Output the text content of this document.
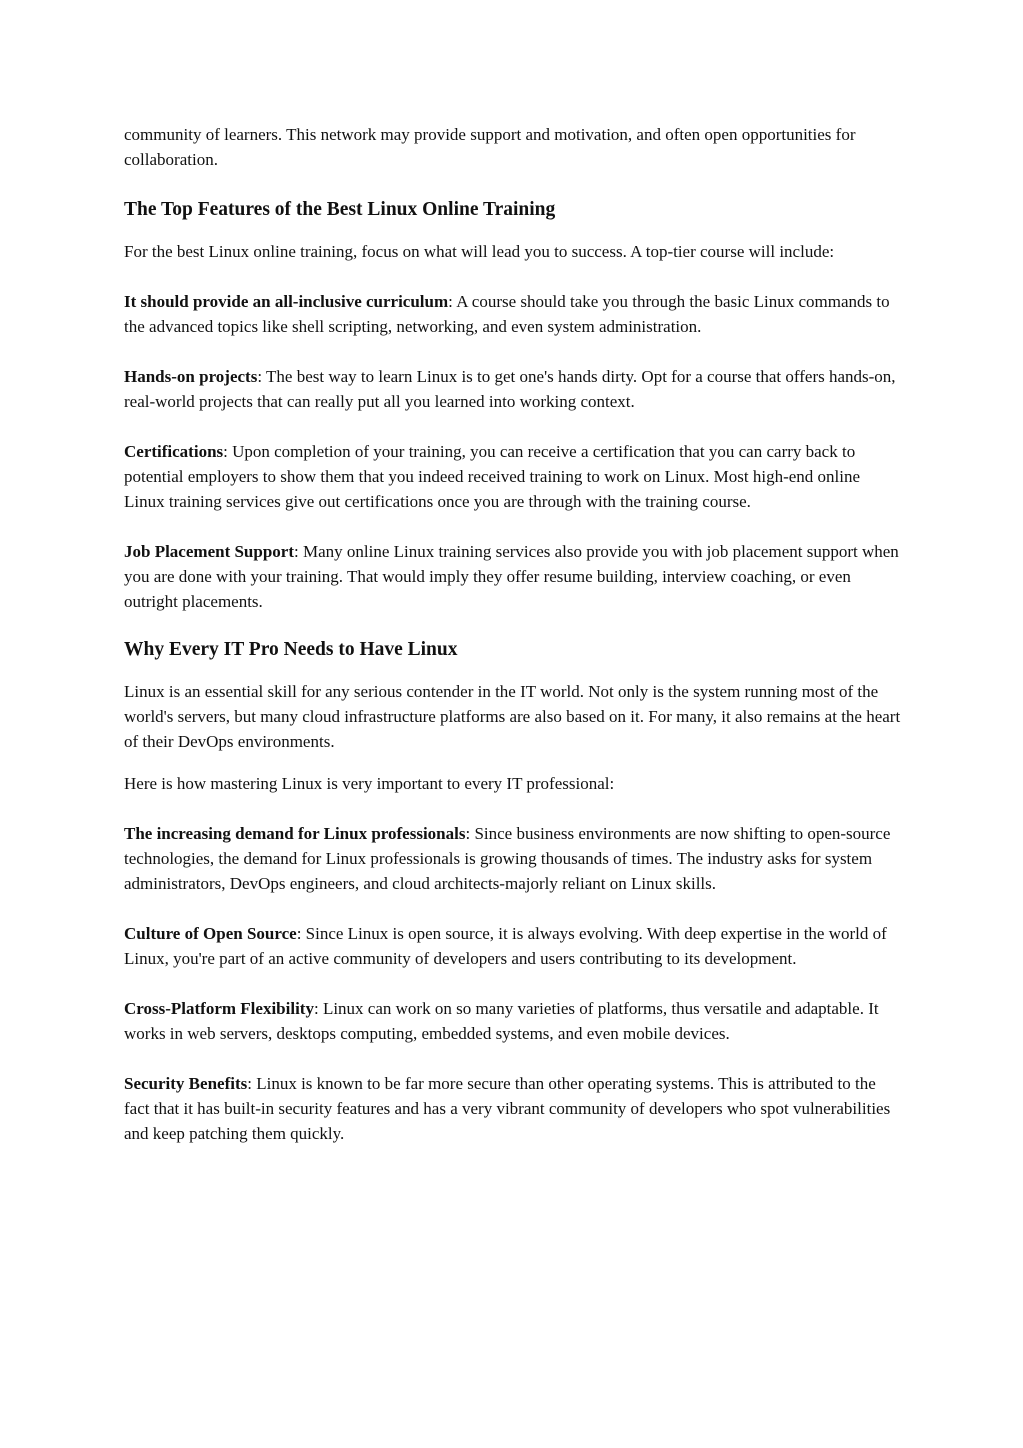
community of learners. This network may provide support and motivation, and often open opportunities for collaboration.

The Top Features of the Best Linux Online Training

For the best Linux online training, focus on what will lead you to success. A top-tier course will include:

It should provide an all-inclusive curriculum: A course should take you through the basic Linux commands to the advanced topics like shell scripting, networking, and even system administration.

Hands-on projects: The best way to learn Linux is to get one's hands dirty. Opt for a course that offers hands-on, real-world projects that can really put all you learned into working context.

Certifications: Upon completion of your training, you can receive a certification that you can carry back to potential employers to show them that you indeed received training to work on Linux. Most high-end online Linux training services give out certifications once you are through with the training course.

Job Placement Support: Many online Linux training services also provide you with job placement support when you are done with your training. That would imply they offer resume building, interview coaching, or even outright placements.

Why Every IT Pro Needs to Have Linux

Linux is an essential skill for any serious contender in the IT world. Not only is the system running most of the world's servers, but many cloud infrastructure platforms are also based on it. For many, it also remains at the heart of their DevOps environments.

Here is how mastering Linux is very important to every IT professional:

The increasing demand for Linux professionals: Since business environments are now shifting to open-source technologies, the demand for Linux professionals is growing thousands of times. The industry asks for system administrators, DevOps engineers, and cloud architects-majorly reliant on Linux skills.

Culture of Open Source: Since Linux is open source, it is always evolving. With deep expertise in the world of Linux, you're part of an active community of developers and users contributing to its development.

Cross-Platform Flexibility: Linux can work on so many varieties of platforms, thus versatile and adaptable. It works in web servers, desktops computing, embedded systems, and even mobile devices.

Security Benefits: Linux is known to be far more secure than other operating systems. This is attributed to the fact that it has built-in security features and has a very vibrant community of developers who spot vulnerabilities and keep patching them quickly.
